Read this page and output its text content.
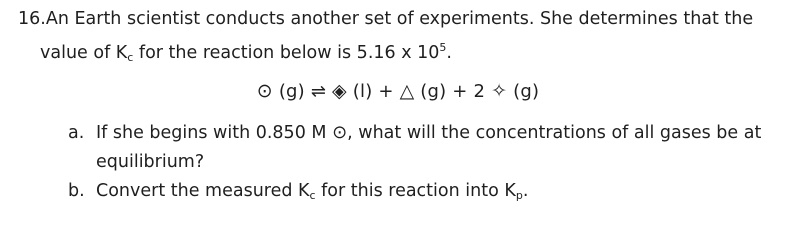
16.An Earth scientist conducts another set of experiments. She determines that the
value of $K_c$ for the reaction below is 5.16 x $10^5$.
⊙ (g) ⇌ ◈ (l) + △ (g) + 2 ✧ (g)
a. If she begins with 0.850 M ⊙, what will the concentrations of all gases be at
equilibrium?
b. Convert the measured $K_c$ for this reaction into $K_p$.
